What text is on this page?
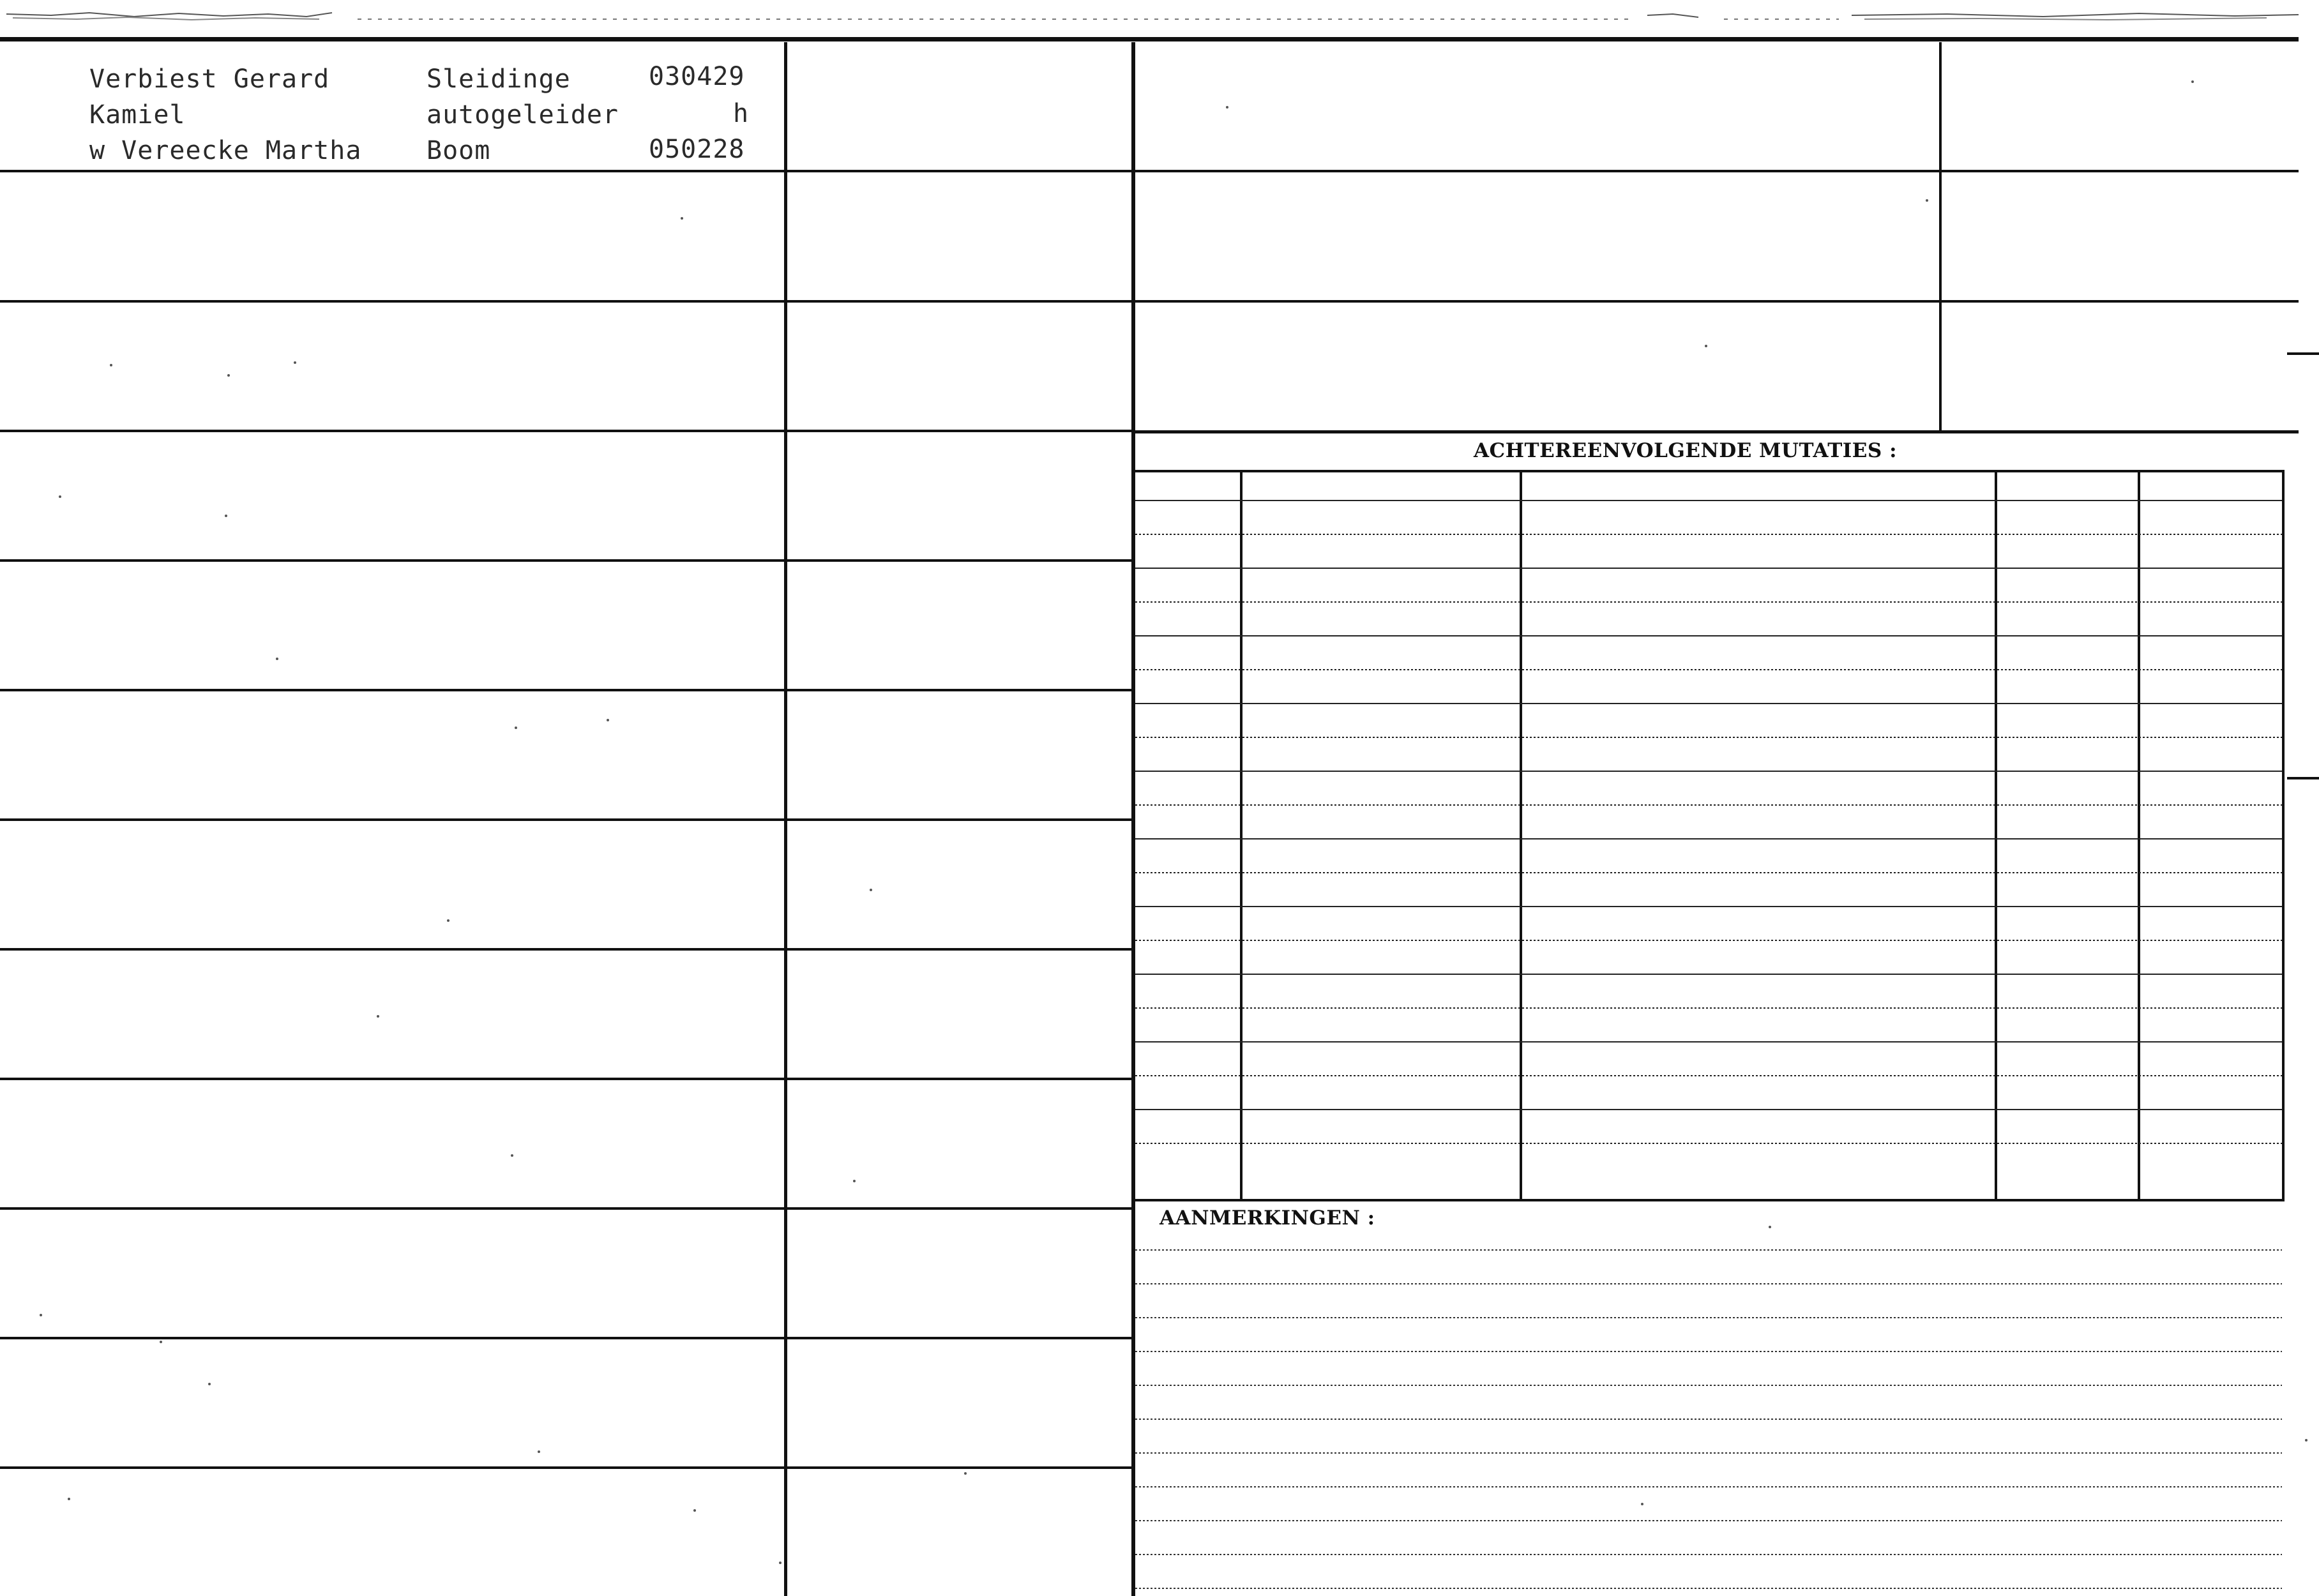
Verbiest Gerard
Kamiel
w Vereecke Martha
Sleidinge
autogeleider
Boom
030429
h
050228
ACHTEREENVOLGENDE MUTATIES :
AANMERKINGEN :
